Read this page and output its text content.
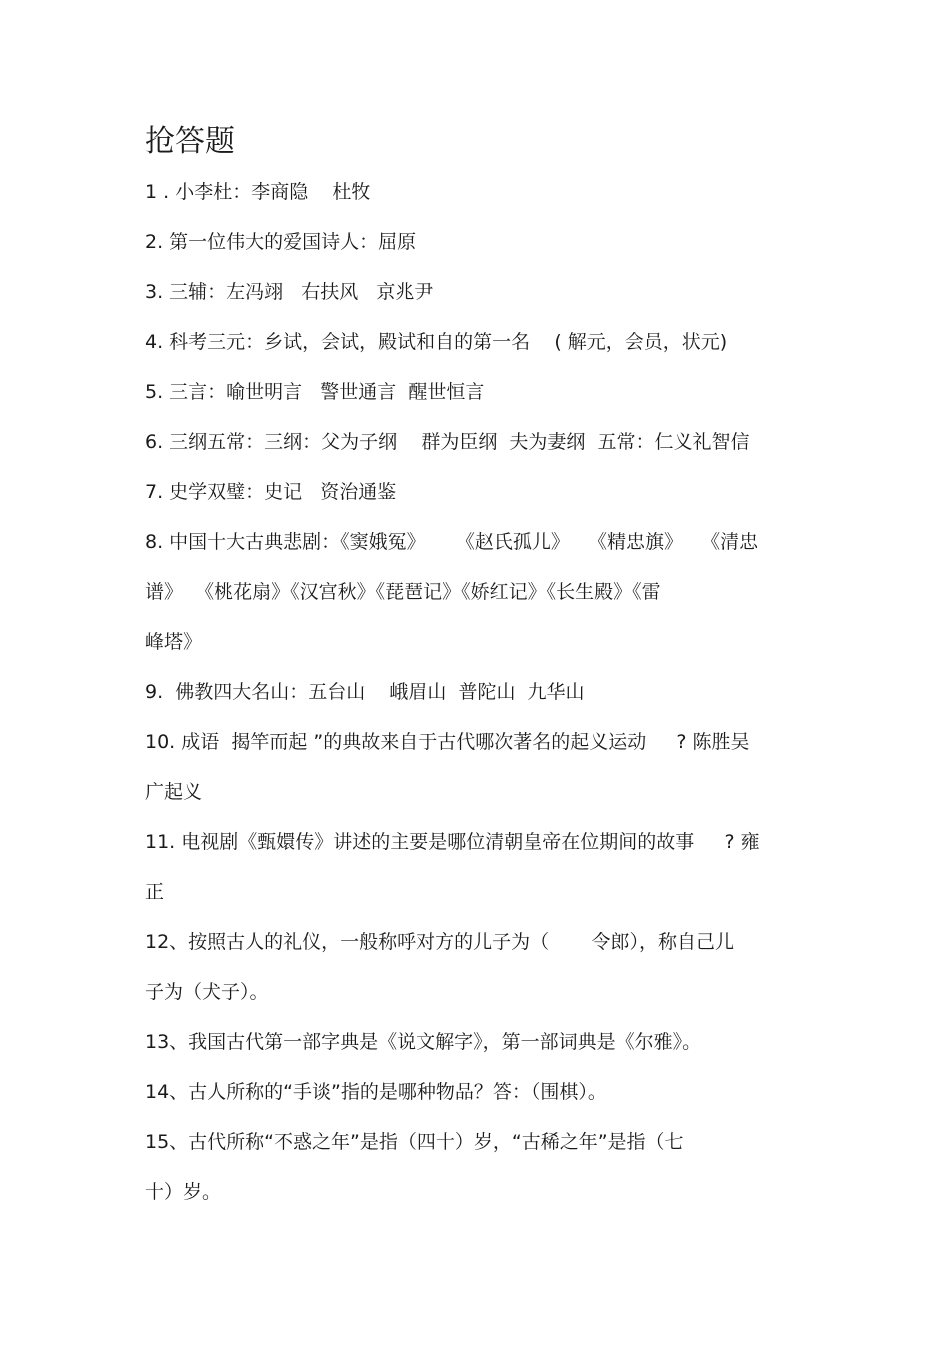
抢答题
1 . 小李杜：李商隐    杜牧
2. 第一位伟大的爱国诗人：屈原
3. 三辅：左冯翊   右扶风   京兆尹
4. 科考三元：乡试，会试，殿试和自的第一名    ( 解元，会员，状元)
5. 三言：喻世明言   警世通言  醒世恒言
6. 三纲五常：三纲：父为子纲    群为臣纲  夫为妻纲  五常：仁义礼智信
7. 史学双璧：史记   资治通鉴
8. 中国十大古典悲剧：《窦娥冤》     《赵氏孤儿》   《精忠旗》   《清忠
谱》  《桃花扇》《汉宫秋》《琵琶记》《娇红记》《长生殿》《雷
峰塔》
9.  佛教四大名山：五台山    峨眉山  普陀山  九华山
10. 成语  揭竿而起 ”的典故来自于古代哪次著名的起义运动     ? 陈胜吴
广起义
11. 电视剧《甄嬛传》讲述的主要是哪位清朝皇帝在位期间的故事     ? 雍
正
12、按照古人的礼仪，一般称呼对方的儿子为（       令郎），称自己儿
子为（犬子）。
13、我国古代第一部字典是《说文解字》，第一部词典是《尔雅》。
14、古人所称的“手谈”指的是哪种物品？答：（围棋）。
15、古代所称“不惑之年”是指（四十）岁，“古稀之年”是指（七
十）岁。
